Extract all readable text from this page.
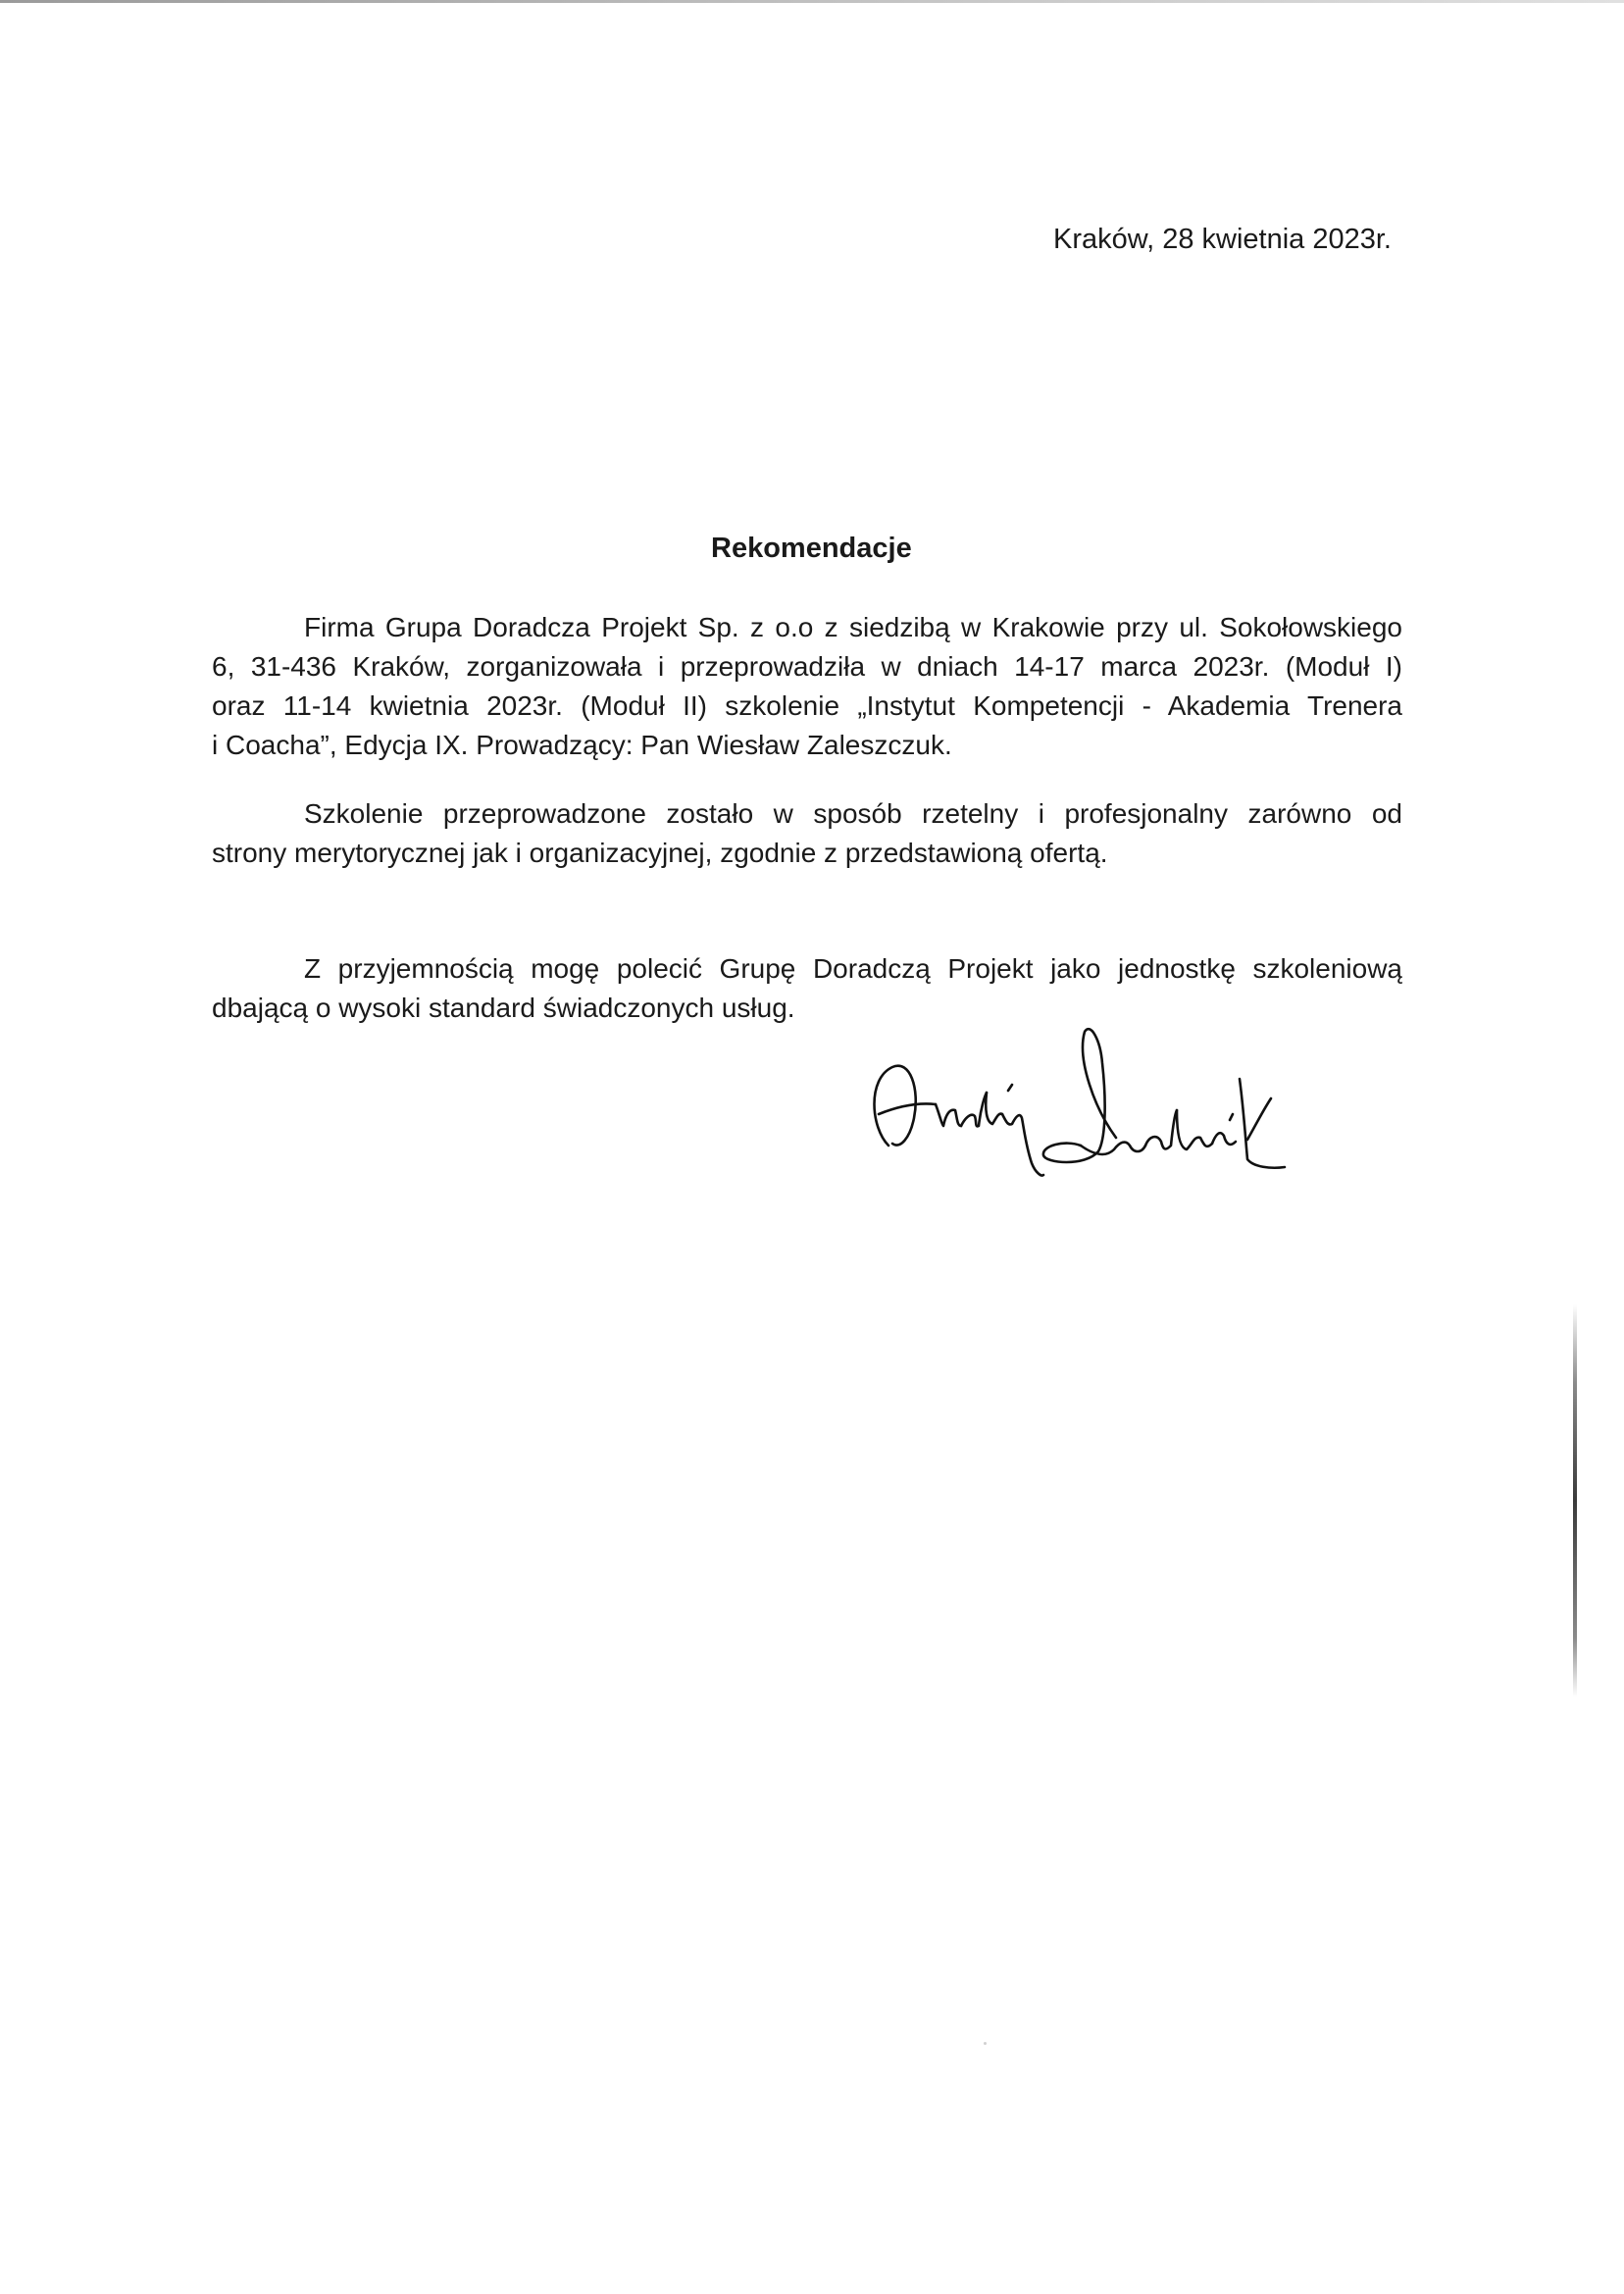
Kraków, 28 kwietnia 2023r.
Rekomendacje
Firma Grupa Doradcza Projekt Sp. z o.o z siedzibą w Krakowie przy ul. Sokołowskiego
6, 31-436 Kraków, zorganizowała i przeprowadziła w dniach 14-17 marca 2023r. (Moduł I)
oraz 11-14 kwietnia 2023r. (Moduł II) szkolenie „Instytut Kompetencji - Akademia Trenera
i Coacha”, Edycja IX. Prowadzący: Pan Wiesław Zaleszczuk.
Szkolenie przeprowadzone zostało w sposób rzetelny i profesjonalny zarówno od
strony merytorycznej jak i organizacyjnej, zgodnie z przedstawioną ofertą.
Z przyjemnością mogę polecić Grupę Doradczą Projekt jako jednostkę szkoleniową
dbającą o wysoki standard świadczonych usług.
